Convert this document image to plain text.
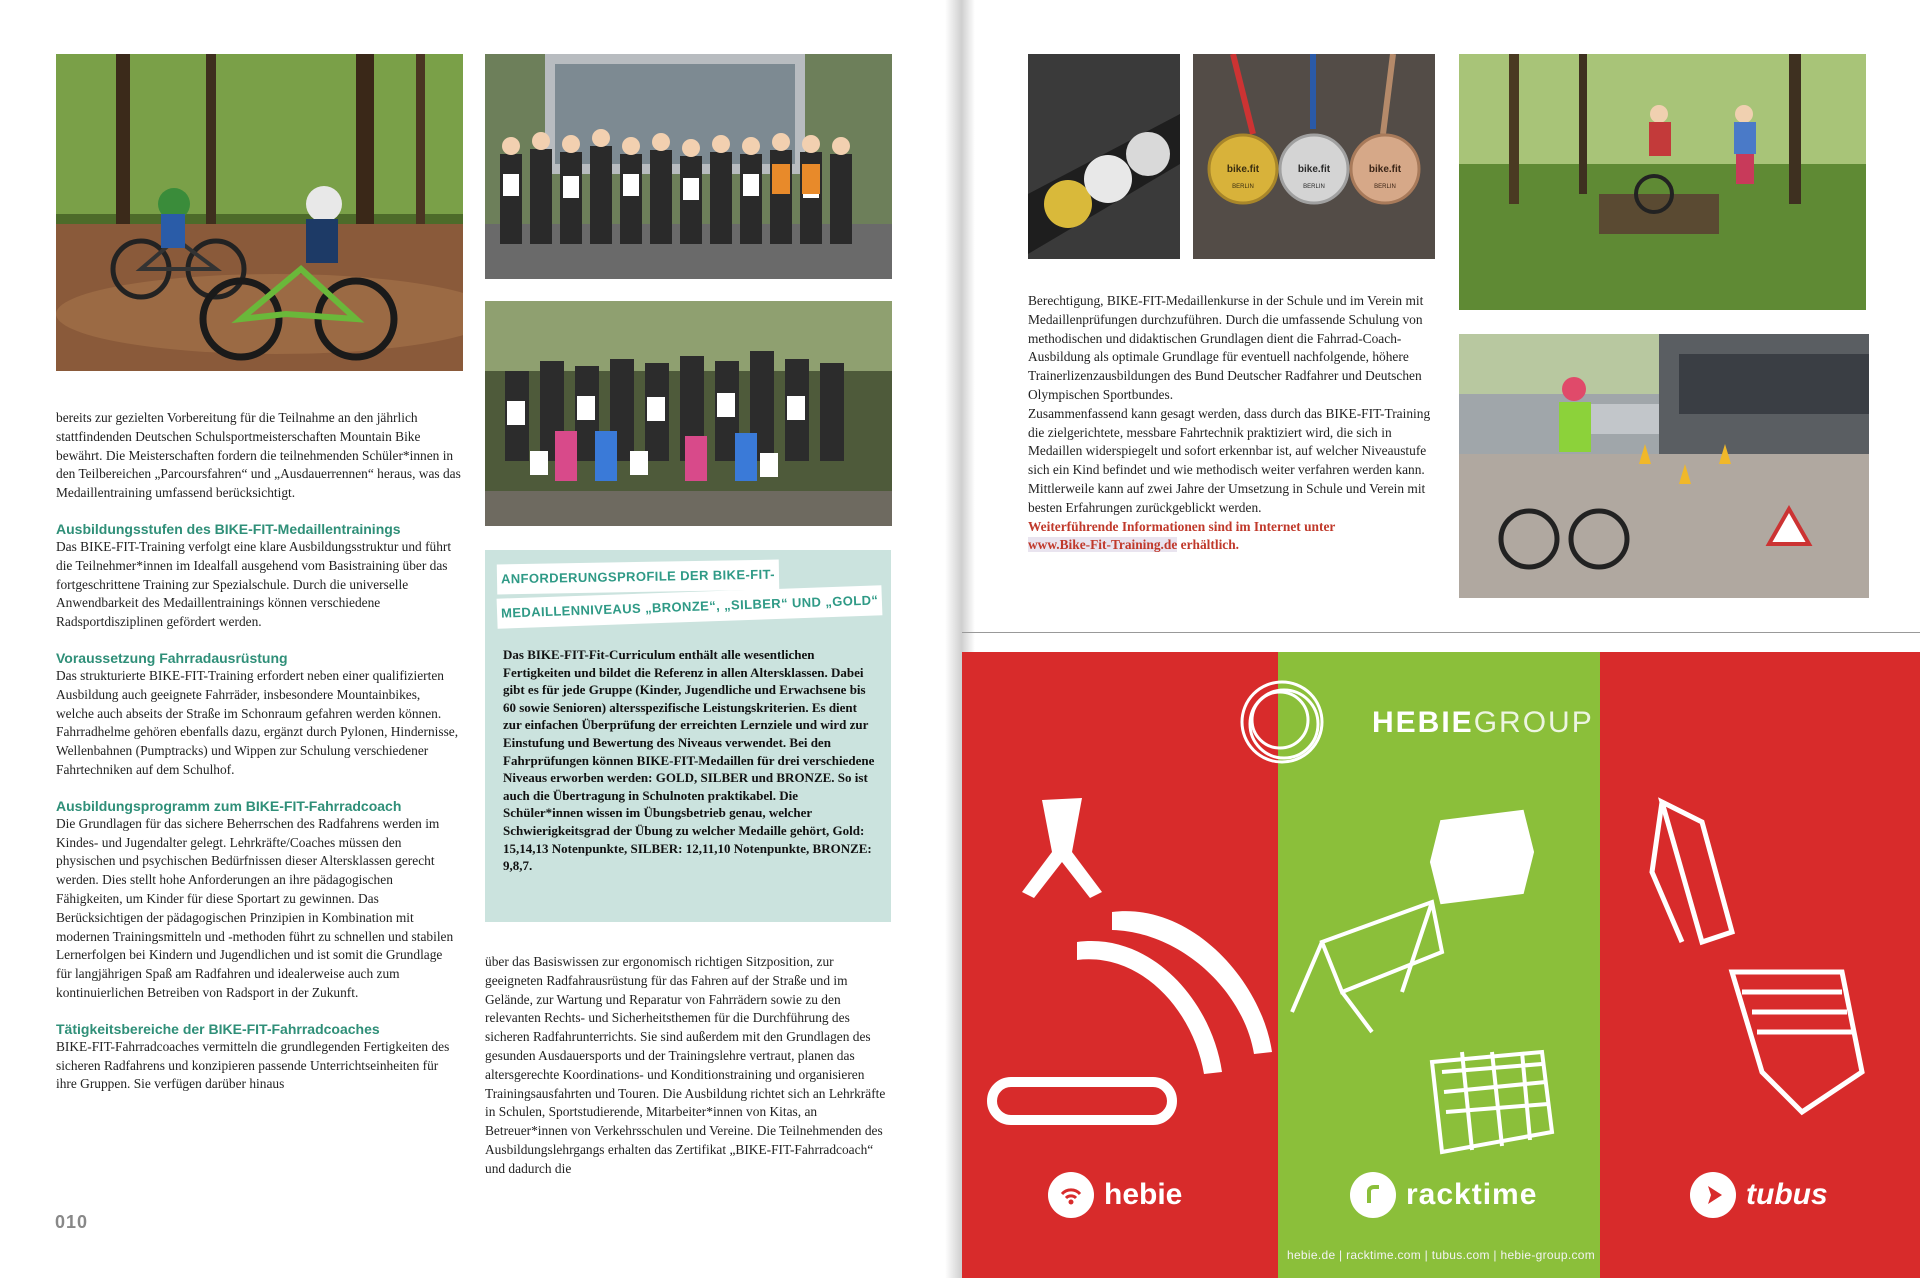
bereits zur gezielten Vorbereitung für die Teilnahme an den jährlich stattfindenden Deutschen Schulsportmeisterschaften Mountain Bike bewährt. Die Meisterschaften fordern die teilnehmenden Schüler*innen in den Teilbereichen „Parcoursfahren“ und „Ausdauerrennen“ heraus, was das Medaillentraining umfassend berücksichtigt.

Ausbildungsstufen des BIKE-FIT-Medaillentrainings

Das BIKE-FIT-Training verfolgt eine klare Ausbildungsstruktur und führt die Teilnehmer*innen im Idealfall ausgehend vom Basistraining über das fortgeschrittene Training zur Spezialschule. Durch die universelle Anwendbarkeit des Medaillentrainings können verschiedene Radsportdisziplinen gefördert werden.

Voraussetzung Fahrradausrüstung

Das strukturierte BIKE-FIT-Training erfordert neben einer qualifizierten Ausbildung auch geeignete Fahrräder, insbesondere Mountainbikes, welche auch abseits der Straße im Schonraum gefahren werden können. Fahrradhelme gehören ebenfalls dazu, ergänzt durch Pylonen, Hindernisse, Wellenbahnen (Pumptracks) und Wippen zur Schulung verschiedener Fahrtechniken auf dem Schulhof.

Ausbildungsprogramm zum BIKE-FIT-Fahrradcoach

Die Grundlagen für das sichere Beherrschen des Radfahrens werden im Kindes- und Jugendalter gelegt. Lehrkräfte/Coaches müssen den physischen und psychischen Bedürfnissen dieser Altersklassen gerecht werden. Dies stellt hohe Anforderungen an ihre pädagogischen Fähigkeiten, um Kinder für diese Sportart zu gewinnen. Das Berücksichtigen der pädagogischen Prinzipien in Kombination mit modernen Trainingsmitteln und -methoden führt zu schnellen und stabilen Lernerfolgen bei Kindern und Jugendlichen und ist somit die Grundlage für langjährigen Spaß am Radfahren und idealerweise auch zum kontinuierlichen Betreiben von Radsport in der Zukunft.

Tätigkeitsbereiche der BIKE-FIT-Fahrradcoaches

BIKE-FIT-Fahrradcoaches vermitteln die grundlegenden Fertigkeiten des sicheren Radfahrens und konzipieren passende Unterrichtseinheiten für ihre Gruppen. Sie verfügen darüber hinaus

ANFORDERUNGSPROFILE DER BIKE-FIT-
MEDAILLENNIVEAUS „BRONZE“, „SILBER“ UND „GOLD“
Das BIKE-FIT-Fit-Curriculum enthält alle wesentlichen Fertigkeiten und bildet die Referenz in allen Altersklassen. Dabei gibt es für jede Gruppe (Kinder, Jugendliche und Erwachsene bis 60 sowie Senioren) altersspezifische Leistungskriterien. Es dient zur einfachen Überprüfung der erreichten Lernziele und wird zur Einstufung und Bewertung des Niveaus verwendet. Bei den Fahrprüfungen können BIKE-FIT-Medaillen für drei verschiedene Niveaus erworben werden: GOLD, SILBER und BRONZE. So ist auch die Übertragung in Schulnoten praktikabel. Die Schüler*innen wissen im Übungsbetrieb genau, welcher Schwierigkeitsgrad der Übung zu welcher Medaille gehört, Gold: 15,14,13 Notenpunkte, SILBER: 12,11,10 Notenpunkte, BRONZE: 9,8,7.

über das Basiswissen zur ergonomisch richtigen Sitzposition, zur geeigneten Radfahrausrüstung für das Fahren auf der Straße und im Gelände, zur Wartung und Reparatur von Fahrrädern sowie zu den relevanten Rechts- und Sicherheitsthemen für die Durchführung des sicheren Radfahrunterrichts. Sie sind außerdem mit den Grundlagen des gesunden Ausdauersports und der Trainingslehre vertraut, planen das altersgerechte Koordinations- und Konditionstraining und organisieren Trainingsausfahrten und Touren. Die Ausbildung richtet sich an Lehrkräfte in Schulen, Sportstudierende, Mitarbeiter*innen von Kitas, an Betreuer*innen von Verkehrsschulen und Vereine. Die Teilnehmenden des Ausbildungslehrgangs erhalten das Zertifikat „BIKE-FIT-Fahrradcoach“ und dadurch die

010
bike.fit	bike.fit	bike.fit
BERLIN	BERLIN	BERLIN

Berechtigung, BIKE-FIT-Medaillenkurse in der Schule und im Verein mit Medaillenprüfungen durchzuführen. Durch die umfassende Schulung von methodischen und didaktischen Grundlagen dient die Fahrrad-Coach-Ausbildung als optimale Grundlage für eventuell nachfolgende, höhere Trainerlizenzausbildungen des Bund Deutscher Radfahrer und Deutschen Olympischen Sportbundes.

Zusammenfassend kann gesagt werden, dass durch das BIKE-FIT-Training die zielgerichtete, messbare Fahrtechnik praktiziert wird, die sich in Medaillen widerspiegelt und sofort erkennbar ist, auf welcher Niveaustufe sich ein Kind befindet und wie methodisch weiter verfahren werden kann. Mittlerweile kann auf zwei Jahre der Umsetzung in Schule und Verein mit besten Erfahrungen zurückgeblickt werden.

Weiterführende Informationen sind im Internet unter
www.Bike-Fit-Training.de erhältlich.

HEBIEGROUP
hebie	racktime	tubus
hebie.de | racktime.com | tubus.com | hebie-group.com
